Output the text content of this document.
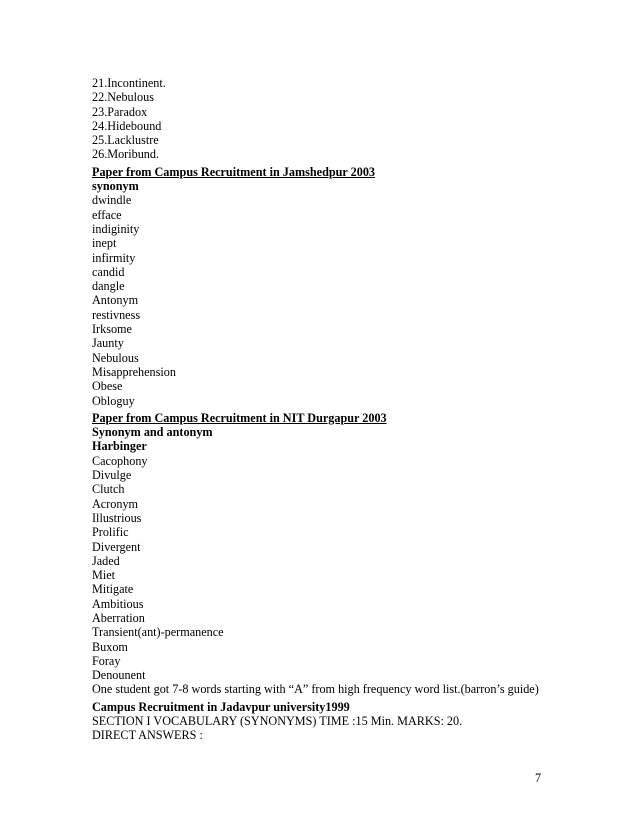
21.Incontinent.
22.Nebulous
23.Paradox
24.Hidebound
25.Lacklustre
26.Moribund.
Paper from Campus Recruitment in Jamshedpur 2003
synonym
dwindle
efface
indiginity
inept
infirmity
candid
dangle
Antonym
restivness
Irksome
Jaunty
Nebulous
Misapprehension
Obese
Obloguy
Paper from Campus Recruitment in NIT Durgapur 2003
Synonym and antonym
Harbinger
Cacophony
Divulge
Clutch
Acronym
Illustrious
Prolific
Divergent
Jaded
Miet
Mitigate
Ambitious
Aberration
Transient(ant)-permanence
Buxom
Foray
Denounent
One student got 7-8 words starting with “A” from high frequency word list.(barron’s guide)
Campus Recruitment in Jadavpur university1999
SECTION I VOCABULARY (SYNONYMS) TIME :15 Min. MARKS: 20.
DIRECT ANSWERS :
7
